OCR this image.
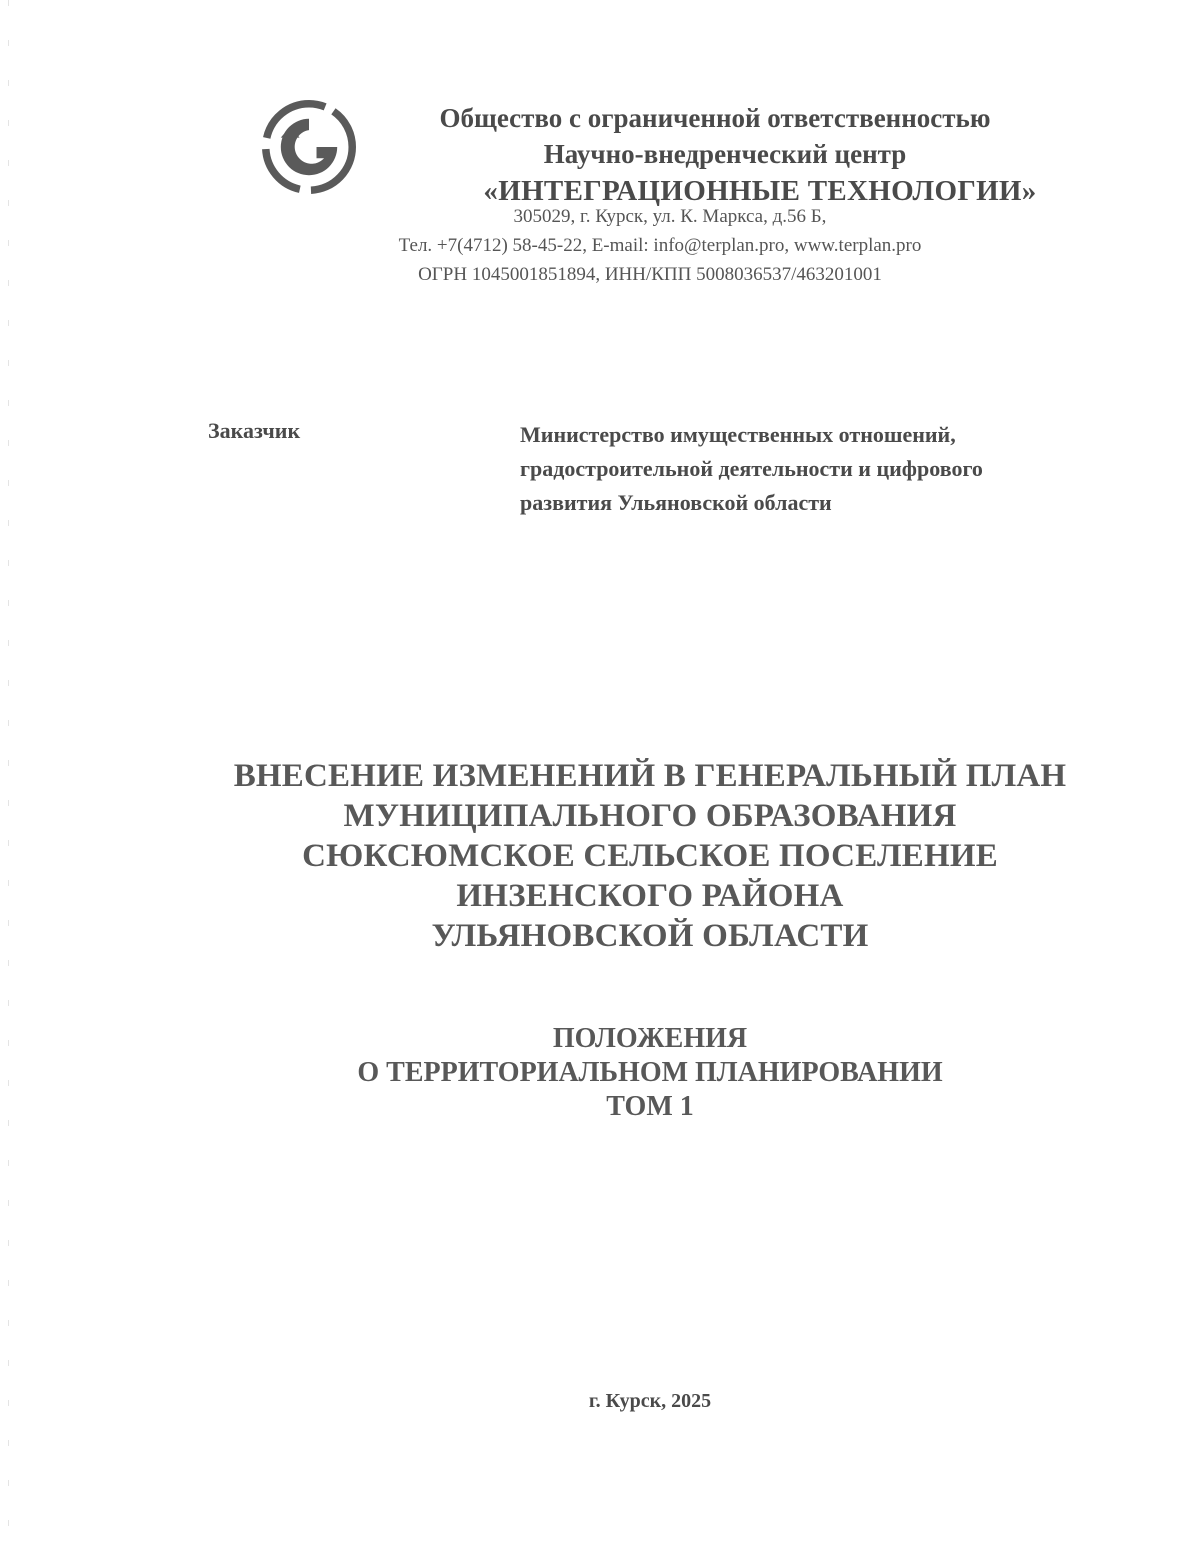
Общество с ограниченной ответственностью
Научно-внедренческий центр
«ИНТЕГРАЦИОННЫЕ ТЕХНОЛОГИИ»
305029, г. Курск, ул. К. Маркса, д.56 Б,
Тел. +7(4712) 58-45-22, E-mail: info@terplan.pro, www.terplan.pro
ОГРН 1045001851894, ИНН/КПП 5008036537/463201001
Заказчик	Министерство имущественных отношений,
градостроительной деятельности и цифрового
развития Ульяновской области
ВНЕСЕНИЕ ИЗМЕНЕНИЙ В ГЕНЕРАЛЬНЫЙ ПЛАН
МУНИЦИПАЛЬНОГО ОБРАЗОВАНИЯ
СЮКСЮМСКОЕ СЕЛЬСКОЕ ПОСЕЛЕНИЕ
ИНЗЕНСКОГО РАЙОНА
УЛЬЯНОВСКОЙ ОБЛАСТИ
ПОЛОЖЕНИЯ
О ТЕРРИТОРИАЛЬНОМ ПЛАНИРОВАНИИ
ТОМ 1
г. Курск, 2025
